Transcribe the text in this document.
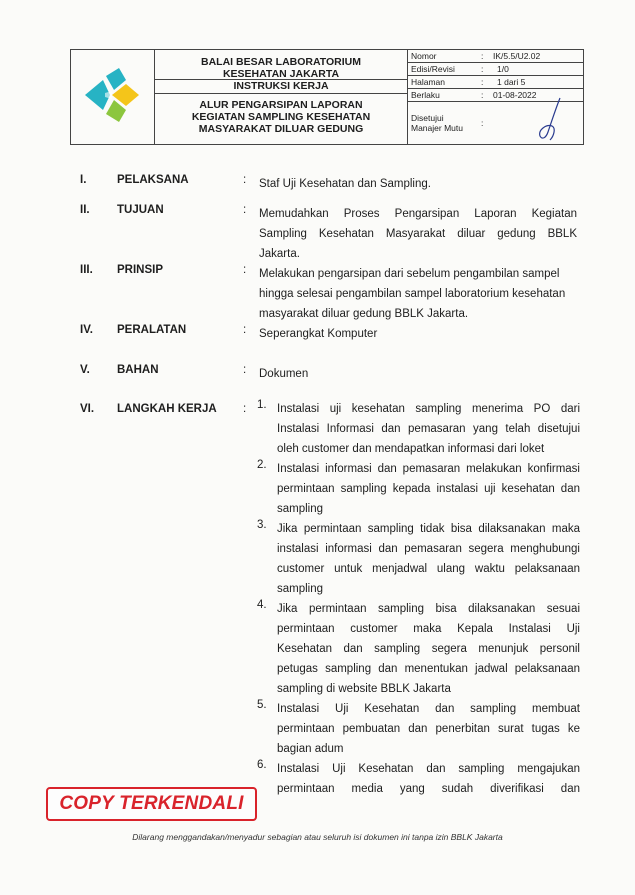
BALAI BESAR LABORATORIUM
KESEHATAN JAKARTA
INSTRUKSI KERJA
ALUR PENGARSIPAN LAPORAN
KEGIATAN SAMPLING KESEHATAN
MASYARAKAT DILUAR GEDUNG
Nomor	:	IK/5.5/U2.02
Edisi/Revisi	:	1/0
Halaman	:	1 dari 5
Berlaku	:	01-08-2022
Disetujui
Manajer Mutu	:
I.	PELAKSANA	: Staf Uji Kesehatan dan Sampling.
II.	TUJUAN	: Memudahkan Proses Pengarsipan Laporan Kegiatan
Sampling Kesehatan Masyarakat diluar gedung BBLK
Jakarta.
III.	PRINSIP	: Melakukan pengarsipan dari sebelum pengambilan sampel
hingga selesai pengambilan sampel laboratorium kesehatan
masyarakat diluar gedung BBLK Jakarta.
IV.	PERALATAN	: Seperangkat Komputer
V.	BAHAN	: Dokumen
VI.	LANGKAH KERJA : 1. Instalasi uji kesehatan sampling menerima PO dari
Instalasi Informasi dan pemasaran yang telah disetujui
oleh customer dan mendapatkan informasi dari loket
2. Instalasi informasi dan pemasaran melakukan konfirmasi
permintaan sampling kepada instalasi uji kesehatan dan
sampling
3. Jika permintaan sampling tidak bisa dilaksanakan maka
instalasi informasi dan pemasaran segera menghubungi
customer untuk menjadwal ulang waktu pelaksanaan
sampling
4. Jika permintaan sampling bisa dilaksanakan sesuai
permintaan customer maka Kepala Instalasi Uji
Kesehatan dan sampling segera menunjuk personil
petugas sampling dan menentukan jadwal pelaksanaan
sampling di website BBLK Jakarta
5. Instalasi Uji Kesehatan dan sampling membuat
permintaan pembuatan dan penerbitan surat tugas ke
bagian adum
6. Instalasi Uji Kesehatan dan sampling mengajukan
permintaan media yang sudah diverifikasi dan
COPY TERKENDALI
Dilarang menggandakan/menyadur sebagian atau seluruh isi dokumen ini tanpa izin BBLK Jakarta
